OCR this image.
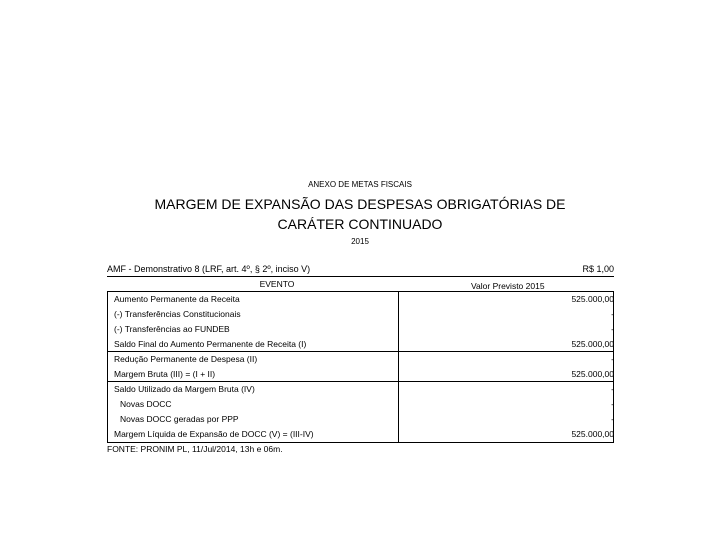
ANEXO DE METAS FISCAIS
MARGEM DE EXPANSÃO DAS DESPESAS OBRIGATÓRIAS DE CARÁTER CONTINUADO
2015
AMF - Demonstrativo 8 (LRF, art. 4º, § 2º, inciso V)	R$ 1,00
EVENTO	Valor Previsto 2015
Aumento Permanente da Receita	525.000,00
(-) Transferências Constitucionais	-
(-) Transferências ao FUNDEB	-
Saldo Final do Aumento Permanente de Receita (I)	525.000,00
Redução Permanente de Despesa (II)	-
Margem Bruta (III) = (I + II)	525.000,00
Saldo Utilizado da Margem Bruta (IV)	-
Novas DOCC	-
Novas DOCC geradas por PPP	-
Margem Líquida de Expansão de DOCC (V) = (III-IV)	525.000,00
FONTE: PRONIM PL, 11/Jul/2014, 13h e 06m.
